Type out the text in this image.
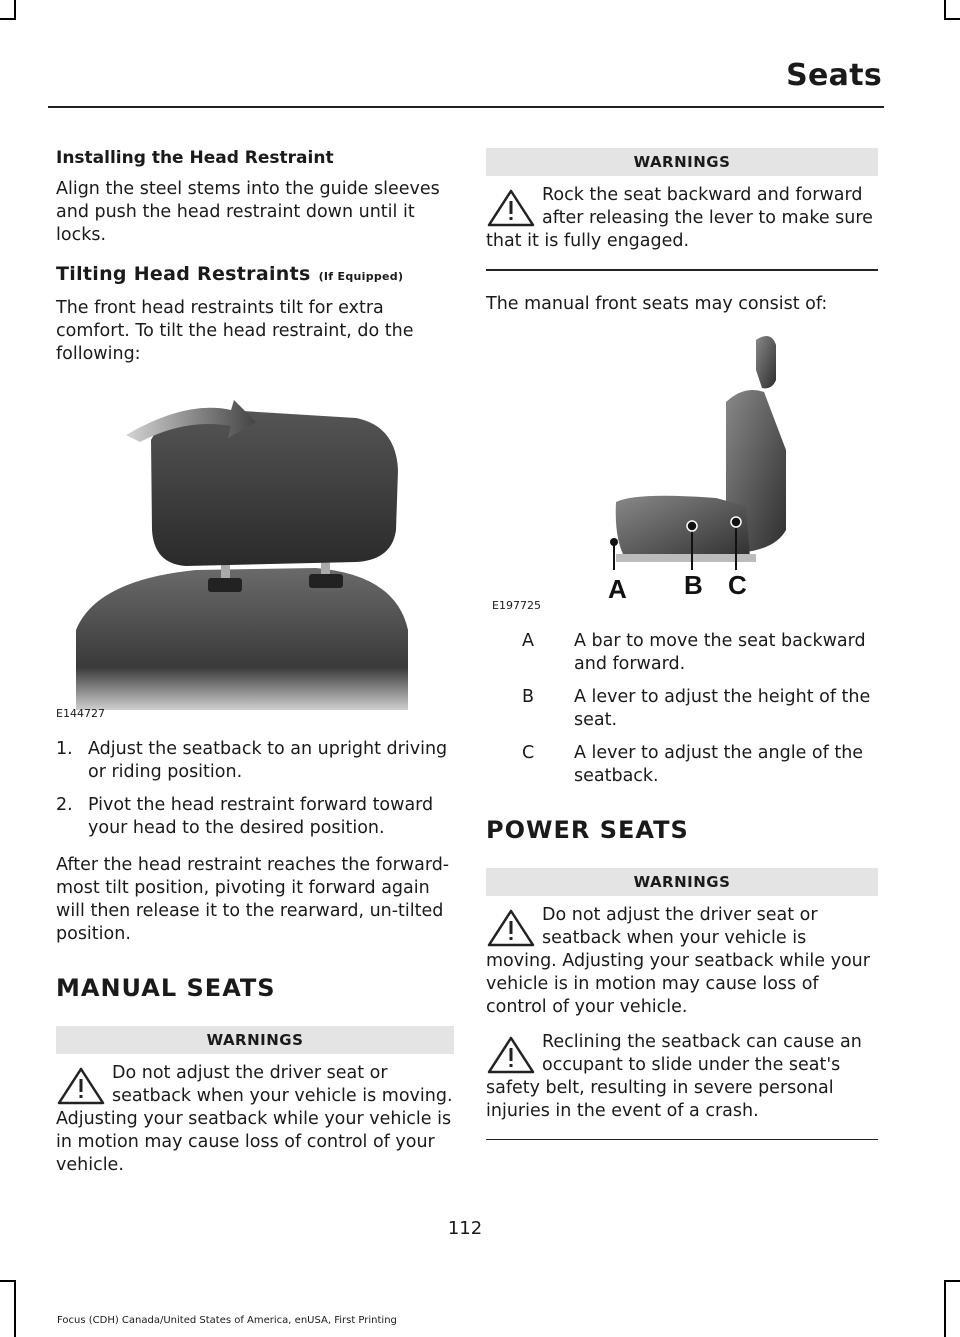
Seats
Installing the Head Restraint

Align the steel stems into the guide sleeves and push the head restraint down until it locks.

Tilting Head Restraints (If Equipped)

The front head restraints tilt for extra comfort. To tilt the head restraint, do the following:

E144727
1. Adjust the seatback to an upright driving or riding position.
2. Pivot the head restraint forward toward your head to the desired position.

After the head restraint reaches the forward-most tilt position, pivoting it forward again will then release it to the rearward, un-tilted position.

MANUAL SEATS
WARNINGS
Do not adjust the driver seat or seatback when your vehicle is moving. Adjusting your seatback while your vehicle is in motion may cause loss of control of your vehicle.
WARNINGS
Rock the seat backward and forward after releasing the lever to make sure that it is fully engaged.

The manual front seats may consist of:

A B C
E197725
A	A bar to move the seat backward and forward.
B	A lever to adjust the height of the seat.
C	A lever to adjust the angle of the seatback.
POWER SEATS
WARNINGS
Do not adjust the driver seat or seatback when your vehicle is moving. Adjusting your seatback while your vehicle is in motion may cause loss of control of your vehicle.
Reclining the seatback can cause an occupant to slide under the seat's safety belt, resulting in severe personal injuries in the event of a crash.
112
Focus (CDH) Canada/United States of America, enUSA, First Printing
